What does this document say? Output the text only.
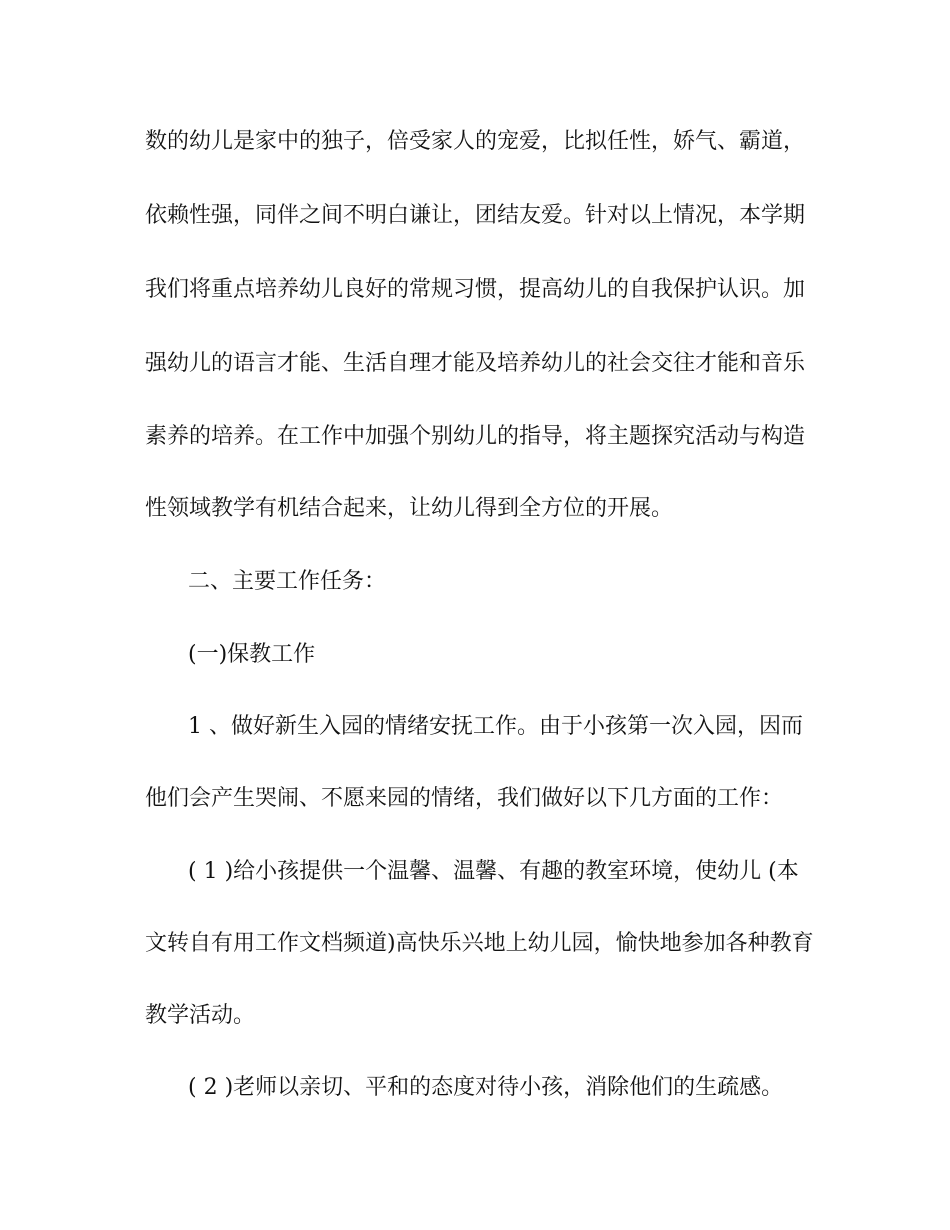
数的幼儿是家中的独子，倍受家人的宠爱，比拟任性，娇气、霸道，
依赖性强，同伴之间不明白谦让，团结友爱。针对以上情况，本学期
我们将重点培养幼儿良好的常规习惯，提高幼儿的自我保护认识。加
强幼儿的语言才能、生活自理才能及培养幼儿的社会交往才能和音乐
素养的培养。在工作中加强个别幼儿的指导，将主题探究活动与构造
性领域教学有机结合起来，让幼儿得到全方位的开展。
二、主要工作任务：
(一)保教工作
1 、做好新生入园的情绪安抚工作。由于小孩第一次入园，因而
他们会产生哭闹、不愿来园的情绪，我们做好以下几方面的工作：
( 1 )给小孩提供一个温馨、温馨、有趣的教室环境，使幼儿 (本
文转自有用工作文档频道)高快乐兴地上幼儿园，愉快地参加各种教育
教学活动。
( 2 )老师以亲切、平和的态度对待小孩，消除他们的生疏感。
